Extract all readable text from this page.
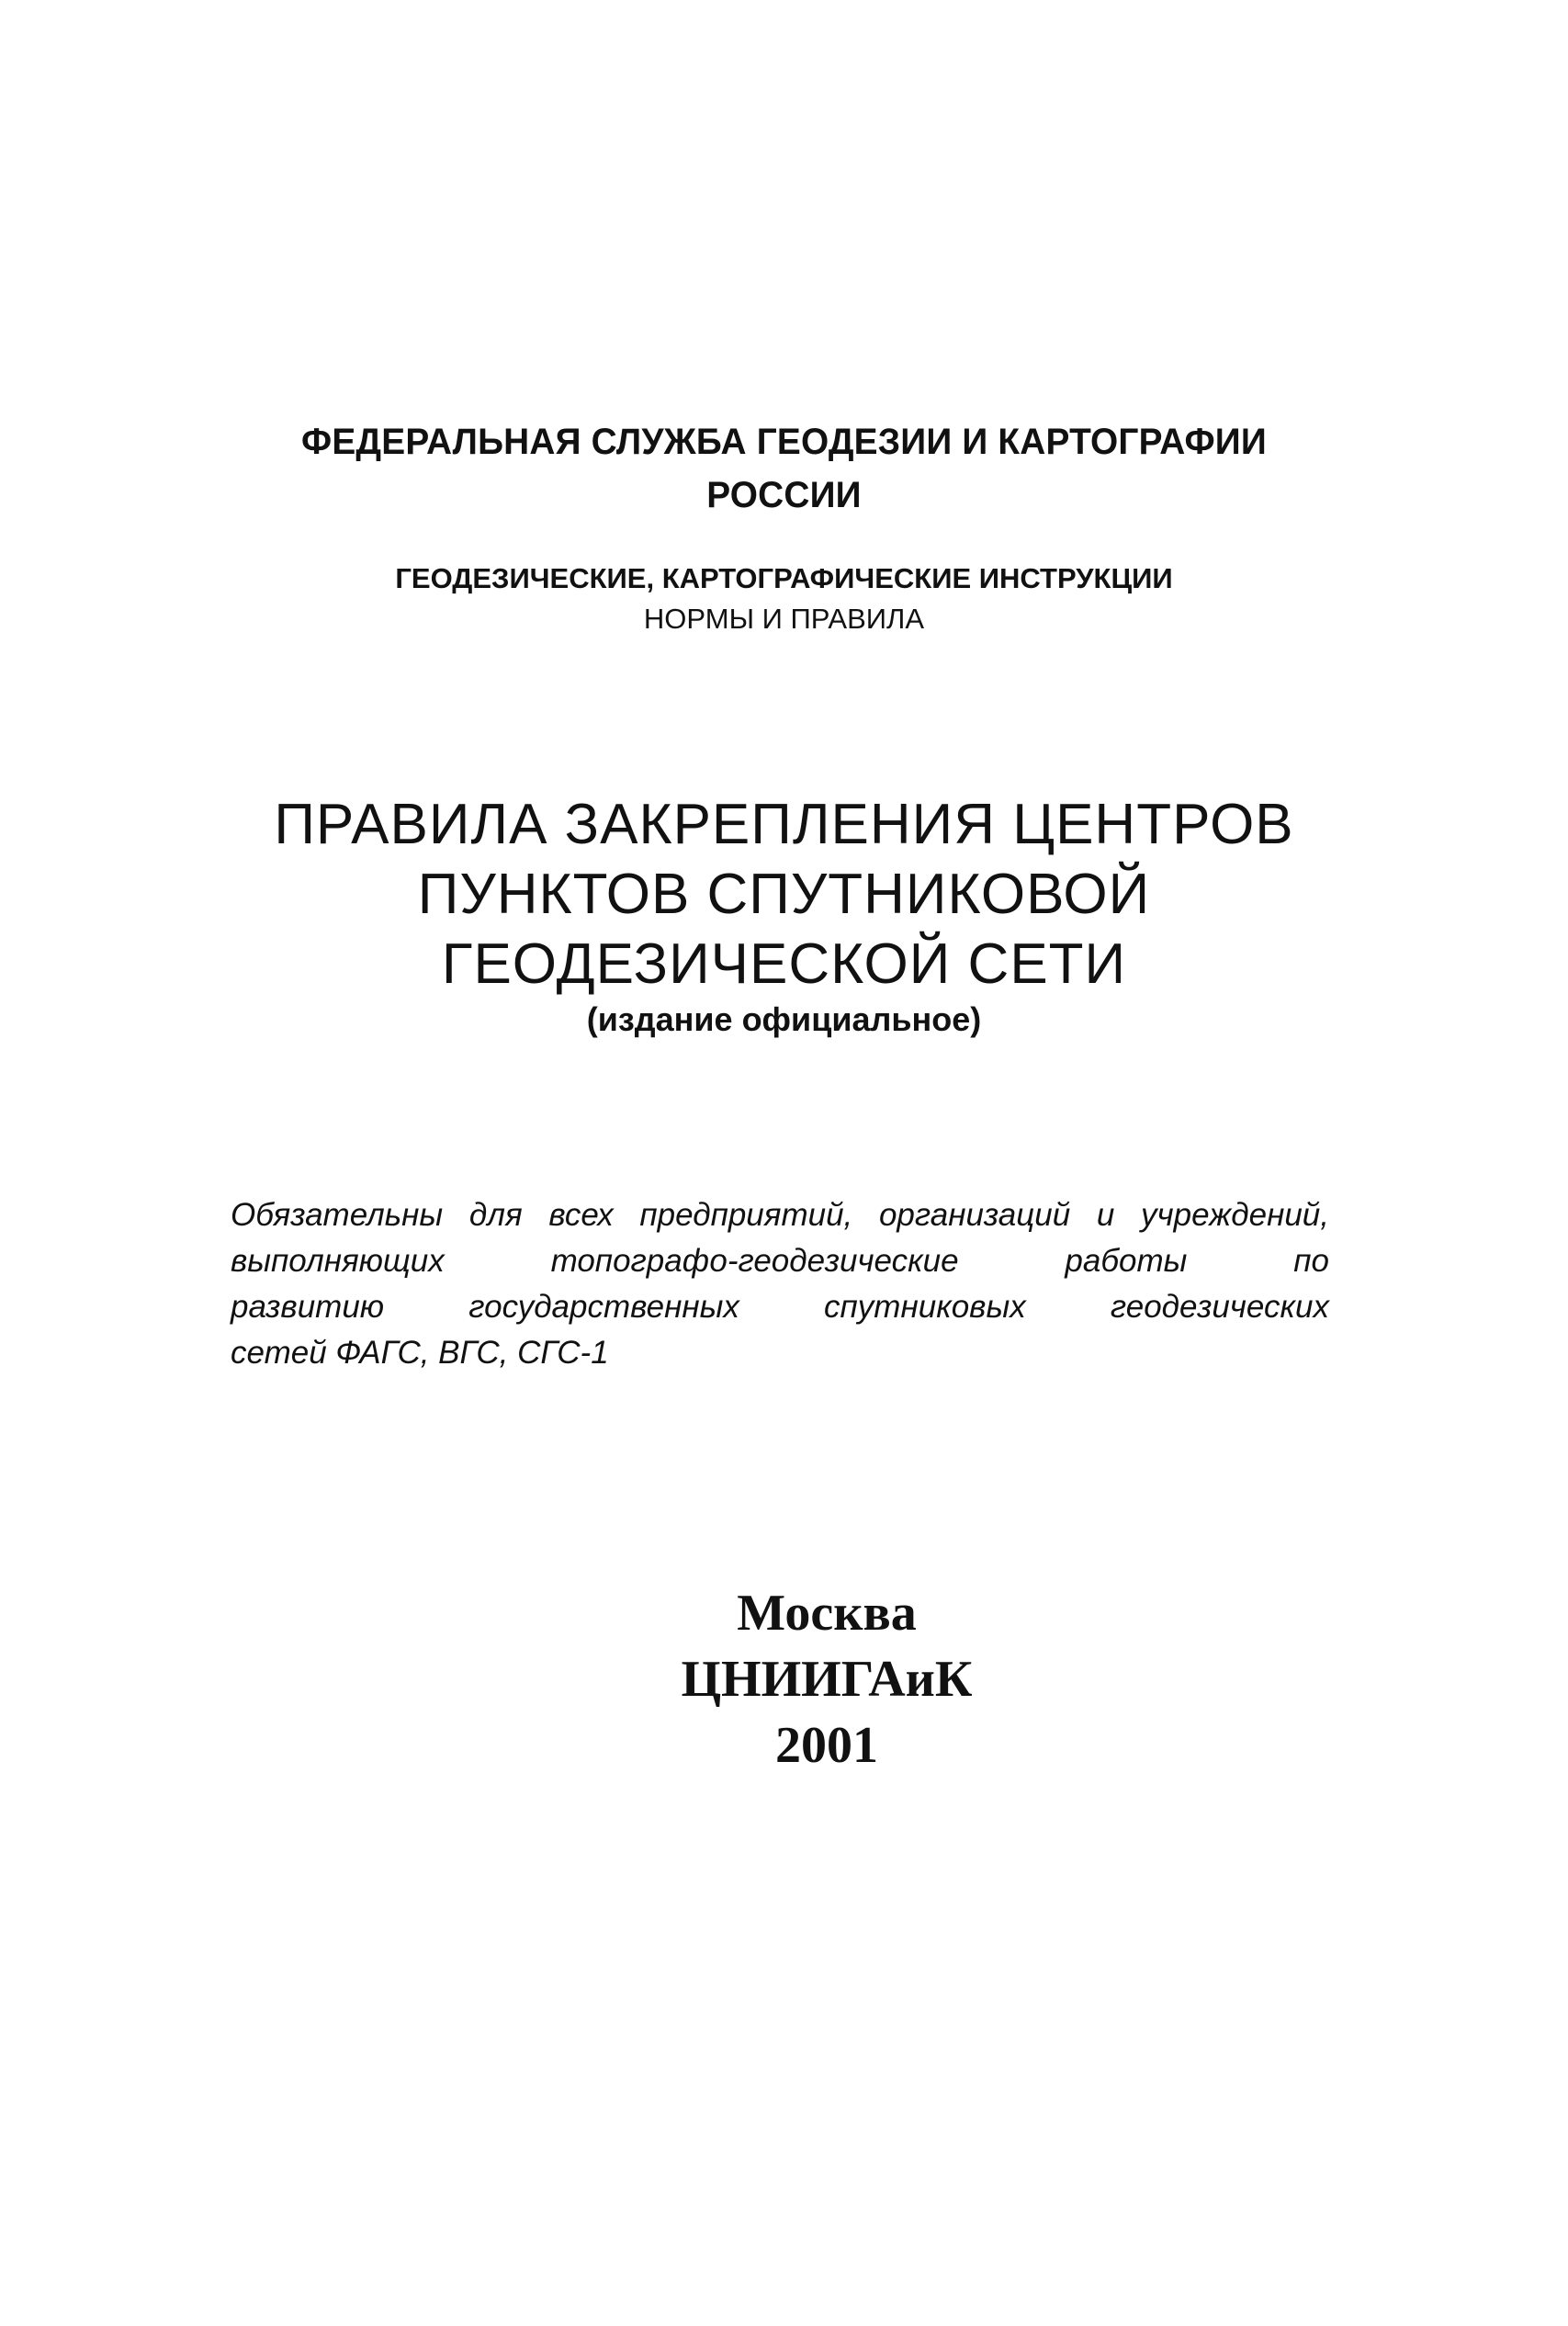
ФЕДЕРАЛЬНАЯ СЛУЖБА ГЕОДЕЗИИ И КАРТОГРАФИИ
РОССИИ
ГЕОДЕЗИЧЕСКИЕ, КАРТОГРАФИЧЕСКИЕ ИНСТРУКЦИИ
НОРМЫ И ПРАВИЛА
ПРАВИЛА ЗАКРЕПЛЕНИЯ ЦЕНТРОВ
ПУНКТОВ СПУТНИКОВОЙ
ГЕОДЕЗИЧЕСКОЙ СЕТИ
(издание официальное)
Обязательны для всех предприятий, организаций и учреждений,
выполняющих	топографо-геодезические	работы	по
развитию	государственных	спутниковых	геодезических
сетей ФАГС, ВГС, СГС-1
Москва
ЦНИИГАиК
2001
